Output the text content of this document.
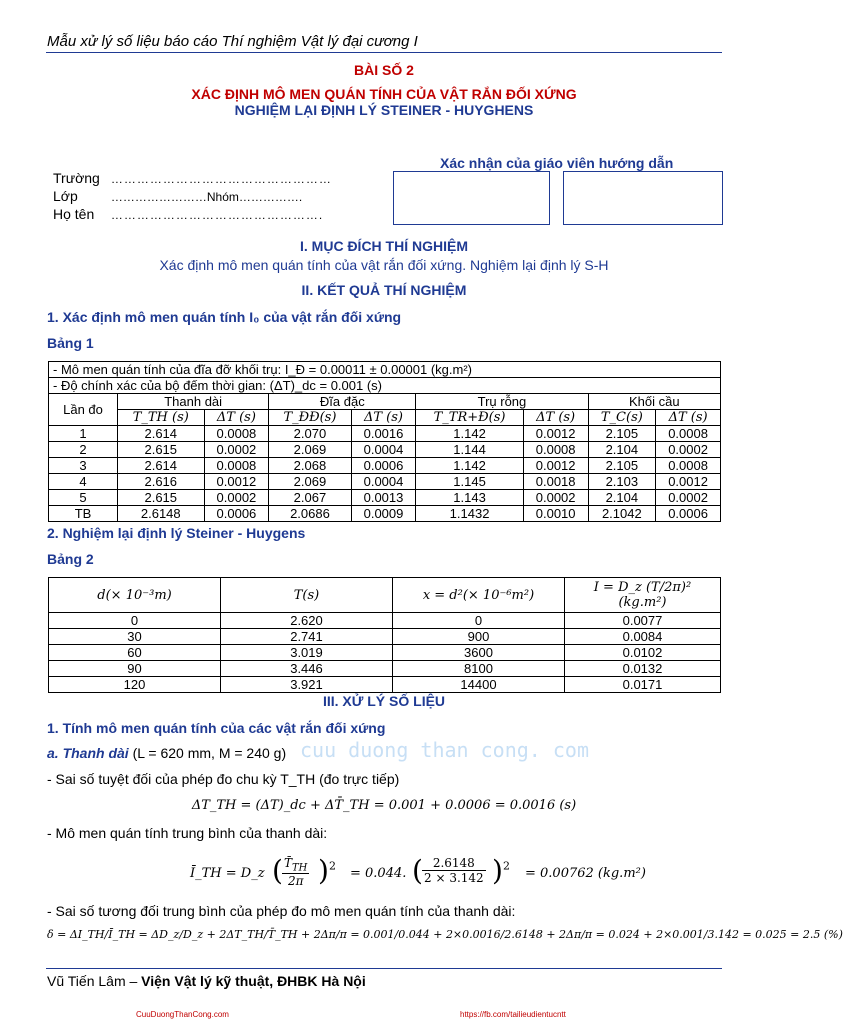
Mẫu xử lý số liệu báo cáo Thí nghiệm Vật lý đại cương I
BÀI SỐ 2
XÁC ĐỊNH MÔ MEN QUÁN TÍNH CỦA VẬT RẮN ĐỐI XỨNG
NGHIỆM LẠI ĐỊNH LÝ STEINER - HUYGHENS
Trường ……………………………………………
Lớp	……………………Nhóm…………….
Họ tên ………………………………………….
Xác nhận của giáo viên hướng dẫn
I. MỤC ĐÍCH THÍ NGHIỆM
Xác định mô men quán tính của vật rắn đối xứng. Nghiệm lại định lý S-H
II. KẾT QUẢ THÍ NGHIỆM
1. Xác định mô men quán tính I₀ của vật rắn đối xứng
Bảng 1
- Mô men quán tính của đĩa đỡ khối trụ: I_Đ = 0.00011 ± 0.00001 (kg.m²)								
- Độ chính xác của bộ đếm thời gian: (ΔT)_dc = 0.001 (s)								
Lần đo	Thanh dài		Đĩa đặc		Trụ rỗng		Khối cầu	
	T_TH (s)	ΔT (s)	T_ĐĐ(s)	ΔT (s)	T_TR+Đ(s)	ΔT (s)	T_C(s)	ΔT (s)
1	2.614	0.0008	2.070	0.0016	1.142	0.0012	2.105	0.0008
2	2.615	0.0002	2.069	0.0004	1.144	0.0008	2.104	0.0002
3	2.614	0.0008	2.068	0.0006	1.142	0.0012	2.105	0.0008
4	2.616	0.0012	2.069	0.0004	1.145	0.0018	2.103	0.0012
5	2.615	0.0002	2.067	0.0013	1.143	0.0002	2.104	0.0002
TB	2.6148	0.0006	2.0686	0.0009	1.1432	0.0010	2.1042	0.0006
2. Nghiệm lại định lý Steiner - Huygens
Bảng 2
d(× 10⁻³m)	T(s)	x = d²(× 10⁻⁶m²)	I = D_z (T/2π)² (kg.m²)
0	2.620	0	0.0077
30	2.741	900	0.0084
60	3.019	3600	0.0102
90	3.446	8100	0.0132
120	3.921	14400	0.0171
III. XỬ LÝ SỐ LIỆU
1. Tính mô men quán tính của các vật rắn đối xứng
a. Thanh dài (L = 620 mm, M = 240 g)
- Sai số tuyệt đối của phép đo chu kỳ T_TH (đo trực tiếp)
ΔT_TH = (ΔT)_dc + ΔT̄_TH = 0.001 + 0.0006 = 0.0016 (s)
- Mô men quán tính trung bình của thanh dài:
Ī_TH = D_z ( $\frac{T̄_{TH}}{2\pi} )^2 = 0.044$. ( $\frac{2.6148}{2 \times 3.142} )^2 = 0.00762$ (kg.m²)
- Sai số tương đối trung bình của phép đo mô men quán tính của thanh dài:
δ = ΔI_TH/Ī_TH = ΔD_z/D_z + 2ΔT_TH/T̄_TH + 2Δπ/π = 0.001/0.044 + 2×0.0016/2.6148 + 2Δπ/π = 0.024 + 2×0.001/3.142 = 0.025 = 2.5 (%)
cuu duong than cong. com
Vũ Tiến Lâm – Viện Vật lý kỹ thuật, ĐHBK Hà Nội
CuuDuongThanCong.com	https://fb.com/tailieudientucntt
